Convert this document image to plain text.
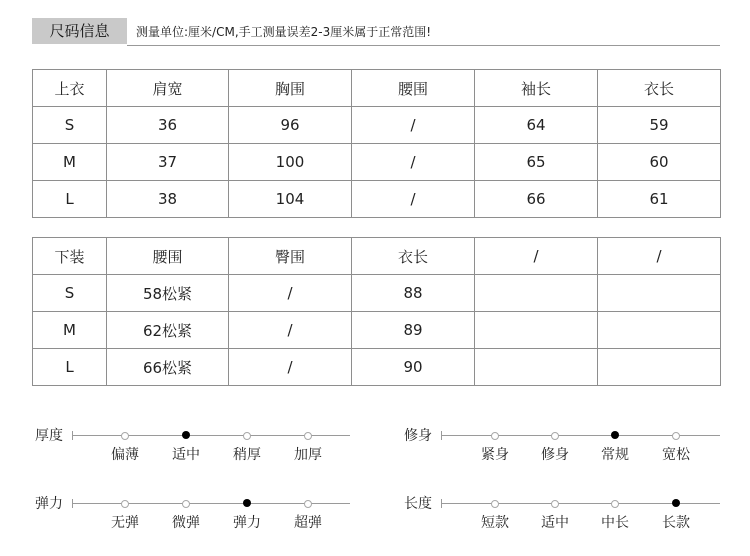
尺码信息	测量单位:厘米/CM,手工测量误差2-3厘米属于正常范围!
上衣	肩宽	胸围	腰围	袖长	衣长
S	36	96	/	64	59
M	37	100	/	65	60
L	38	104	/	66	61
下装	腰围	臀围	衣长	/	/
S	58松紧	/	88		
M	62松紧	/	89		
L	66松紧	/	90		
厚度
偏薄 适中 稍厚 加厚
修身
紧身 修身 常规 宽松
弹力
无弹 微弹 弹力 超弹
长度
短款 适中 中长 长款
